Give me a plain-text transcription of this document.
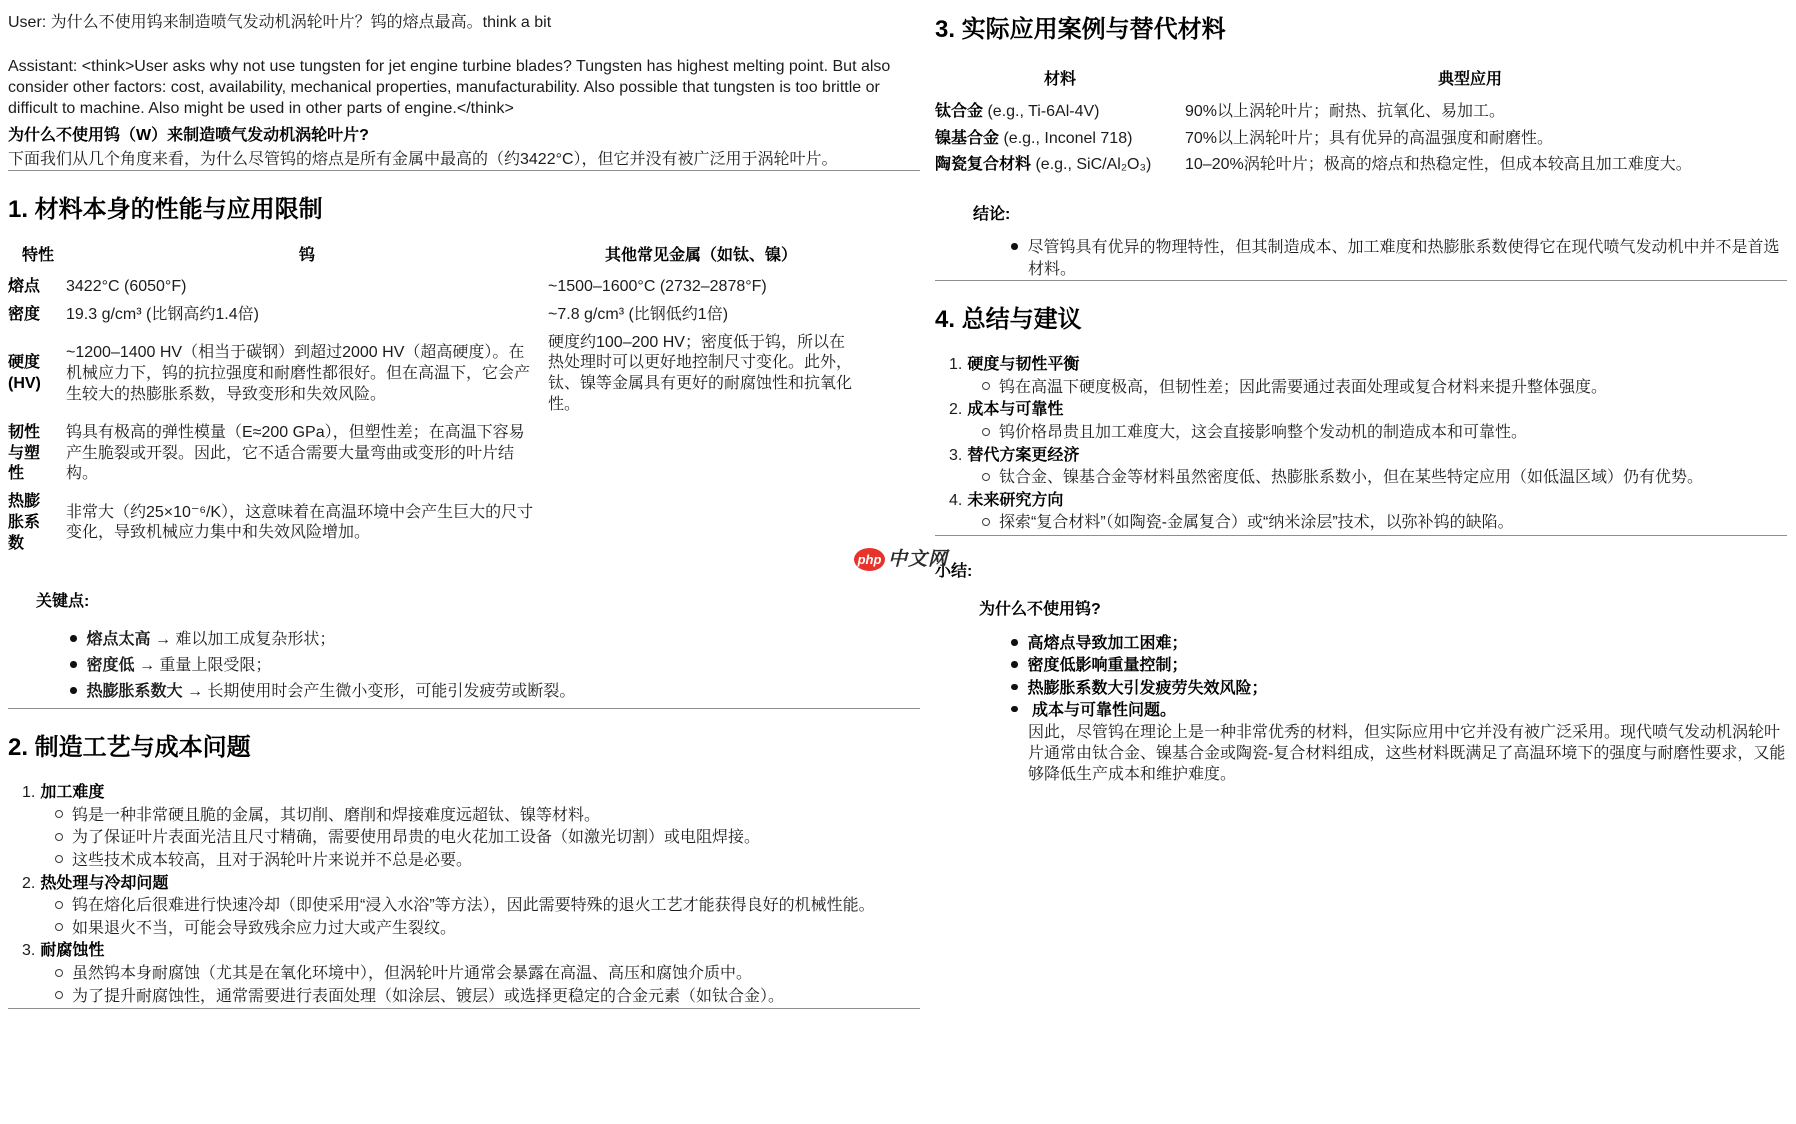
User: 为什么不使用钨来制造喷气发动机涡轮叶片？钨的熔点最高。think a bit

Assistant: <think>User asks why not use tungsten for jet engine turbine blades? Tungsten has highest melting point. But also consider other factors: cost, availability, mechanical properties, manufacturability. Also possible that tungsten is too brittle or difficult to machine. Also might be used in other parts of engine.</think>

为什么不使用钨（W）来制造喷气发动机涡轮叶片?

下面我们从几个角度来看，为什么尽管钨的熔点是所有金属中最高的（约3422°C），但它并没有被广泛用于涡轮叶片。

1. 材料本身的性能与应用限制
特性	钨	其他常见金属（如钛、镍）
熔点	3422°C (6050°F)	~1500–1600°C (2732–2878°F)
密度	19.3 g/cm³ (比钢高约1.4倍)	~7.8 g/cm³ (比钢低约1倍)
硬度 (HV)	~1200–1400 HV（相当于碳钢）到超过2000 HV（超高硬度）。在机械应力下，钨的抗拉强度和耐磨性都很好。但在高温下，它会产生较大的热膨胀系数，导致变形和失效风险。	硬度约100–200 HV；密度低于钨，所以在热处理时可以更好地控制尺寸变化。此外，钛、镍等金属具有更好的耐腐蚀性和抗氧化性。
韧性与塑性	钨具有极高的弹性模量（E≈200 GPa），但塑性差；在高温下容易产生脆裂或开裂。因此，它不适合需要大量弯曲或变形的叶片结构。	
热膨胀系数	非常大（约25×10⁻⁶/K），这意味着在高温环境中会产生巨大的尺寸变化，导致机械应力集中和失效风险增加。	

关键点:

熔点太高 → 难以加工成复杂形状；
密度低 → 重量上限受限；
热膨胀系数大 → 长期使用时会产生微小变形，可能引发疲劳或断裂。
2. 制造工艺与成本问题
1. 加工难度
钨是一种非常硬且脆的金属，其切削、磨削和焊接难度远超钛、镍等材料。
为了保证叶片表面光洁且尺寸精确，需要使用昂贵的电火花加工设备（如激光切割）或电阻焊接。
这些技术成本较高，且对于涡轮叶片来说并不总是必要。
2. 热处理与冷却问题
钨在熔化后很难进行快速冷却（即使采用“浸入水浴”等方法），因此需要特殊的退火工艺才能获得良好的机械性能。
如果退火不当，可能会导致残余应力过大或产生裂纹。
3. 耐腐蚀性
虽然钨本身耐腐蚀（尤其是在氧化环境中），但涡轮叶片通常会暴露在高温、高压和腐蚀介质中。
为了提升耐腐蚀性，通常需要进行表面处理（如涂层、镀层）或选择更稳定的合金元素（如钛合金）。
3. 实际应用案例与替代材料
材料	典型应用
钛合金 (e.g., Ti-6Al-4V)	90%以上涡轮叶片；耐热、抗氧化、易加工。
镍基合金 (e.g., Inconel 718)	70%以上涡轮叶片；具有优异的高温强度和耐磨性。
陶瓷复合材料 (e.g., SiC/Al₂O₃)	10–20%涡轮叶片；极高的熔点和热稳定性，但成本较高且加工难度大。

结论:

尽管钨具有优异的物理特性，但其制造成本、加工难度和热膨胀系数使得它在现代喷气发动机中并不是首选材料。
4. 总结与建议
1. 硬度与韧性平衡
钨在高温下硬度极高，但韧性差；因此需要通过表面处理或复合材料来提升整体强度。
2. 成本与可靠性
钨价格昂贵且加工难度大，这会直接影响整个发动机的制造成本和可靠性。
3. 替代方案更经济
钛合金、镍基合金等材料虽然密度低、热膨胀系数小，但在某些特定应用（如低温区域）仍有优势。
4. 未来研究方向
探索“复合材料”（如陶瓷-金属复合）或“纳米涂层”技术，以弥补钨的缺陷。

小结:

为什么不使用钨?

高熔点导致加工困难；
密度低影响重量控制；
热膨胀系数大引发疲劳失效风险；
成本与可靠性问题。
因此，尽管钨在理论上是一种非常优秀的材料，但实际应用中它并没有被广泛采用。现代喷气发动机涡轮叶片通常由钛合金、镍基合金或陶瓷-复合材料组成，这些材料既满足了高温环境下的强度与耐磨性要求，又能够降低生产成本和维护难度。
php 中文网
